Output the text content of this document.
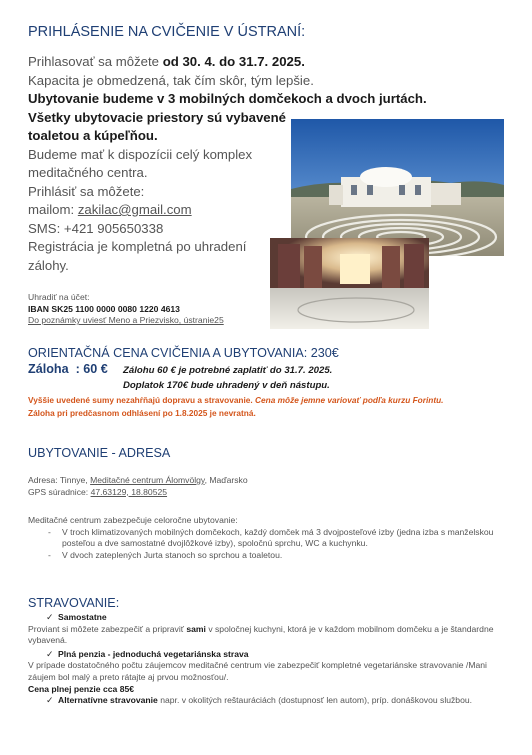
PRIHLÁSENIE NA CVIČENIE V ÚSTRANÍ:
Prihlasovať sa môžete od 30. 4. do 31.7. 2025.
Kapacita je obmedzená, tak čím skôr, tým lepšie.
Ubytovanie budeme v 3 mobilných domčekoch a dvoch jurtách.
Všetky ubytovacie priestory sú vybavené
toaletou a kúpeľňou.
Budeme mať k dispozícii celý komplex
meditačného centra.
Prihlásiť sa môžete:
mailom: zakilac@gmail.com
SMS: +421 905650338
Registrácia je kompletná po uhradení
zálohy.
Uhradiť na účet:
IBAN SK25 1100 0000 0080 1220 4613
Do poznámky uviesť Meno a Priezvisko, ústranie25
ORIENTAČNÁ CENA CVIČENIA A UBYTOVANIA: 230€
Záloha  : 60 € Zálohu 60 € je potrebné zaplatiť do 31.7. 2025.
Doplatok 170€ bude uhradený v deň nástupu.
Vyššie uvedené sumy nezahŕňajú dopravu a stravovanie. Cena môže jemne variovať podľa kurzu Forintu.
Záloha pri predčasnom odhlásení po 1.8.2025 je nevratná.
UBYTOVANIE - ADRESA
Adresa: Tinnye, Meditačné centrum Álomvölgy, Maďarsko
GPS súradnice: 47.63129, 18.80525
Meditačné centrum zabezpečuje celoročne ubytovanie:
-	V troch klimatizovaných mobilných domčekoch, každý domček má 3 dvojposteľové izby (jedna izba s manželskou posteľou a dve samostatné dvojlôžkové izby), spoločnú sprchu, WC a kuchynku.
-	V dvoch zateplených Jurta stanoch so sprchou a toaletou.
STRAVOVANIE:
✓ Samostatne
Proviant si môžete zabezpečiť a pripraviť sami v spoločnej kuchyni, ktorá je v každom mobilnom domčeku a je štandardne vybavená.
✓ Plná penzia - jednoduchá vegetariánska strava
V prípade dostatočného počtu záujemcov meditačné centrum vie zabezpečiť kompletné vegetariánske stravovanie /Mani záujem bol malý a preto rátajte aj prvou možnosťou/.
Cena plnej penzie cca 85€
✓ Alternatívne stravovanie napr. v okolitých reštauráciách (dostupnosť len autom), príp. donáškovou službou.
